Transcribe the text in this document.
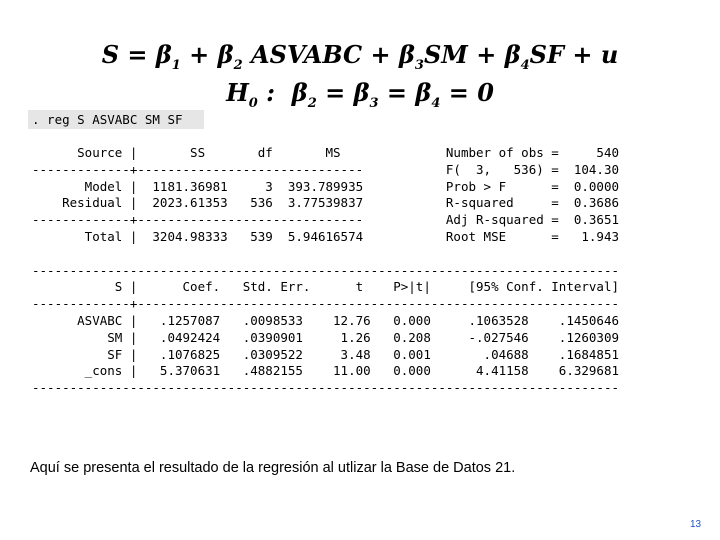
$S = \beta_1 + \beta_2$ ASVABC + $\beta_3SM + \beta_4SF + u$
$H_0$ :  $\beta_2 = \beta_3 = \beta_4 = 0$
. reg S ASVABC SM SF
Source |       SS       df       MS              Number of obs =     540
-------------+------------------------------           F(  3,   536) =  104.30
Model |  1181.36981     3  393.789935           Prob > F      =  0.0000
Residual |  2023.61353   536  3.77539837           R-squared     =  0.3686
-------------+------------------------------           Adj R-squared =  0.3651
Total |  3204.98333   539  5.94616574           Root MSE      =   1.943

------------------------------------------------------------------------------
S |      Coef.   Std. Err.      t    P>|t|     [95% Conf. Interval]
-------------+----------------------------------------------------------------
ASVABC |   .1257087   .0098533    12.76   0.000     .1063528    .1450646
SM |   .0492424   .0390901     1.26   0.208     -.027546    .1260309
SF |   .1076825   .0309522     3.48   0.001       .04688    .1684851
_cons |   5.370631   .4882155    11.00   0.000      4.41158    6.329681
------------------------------------------------------------------------------
Aquí se presenta el resultado de la regresión al utlizar la Base de Datos 21.
13
